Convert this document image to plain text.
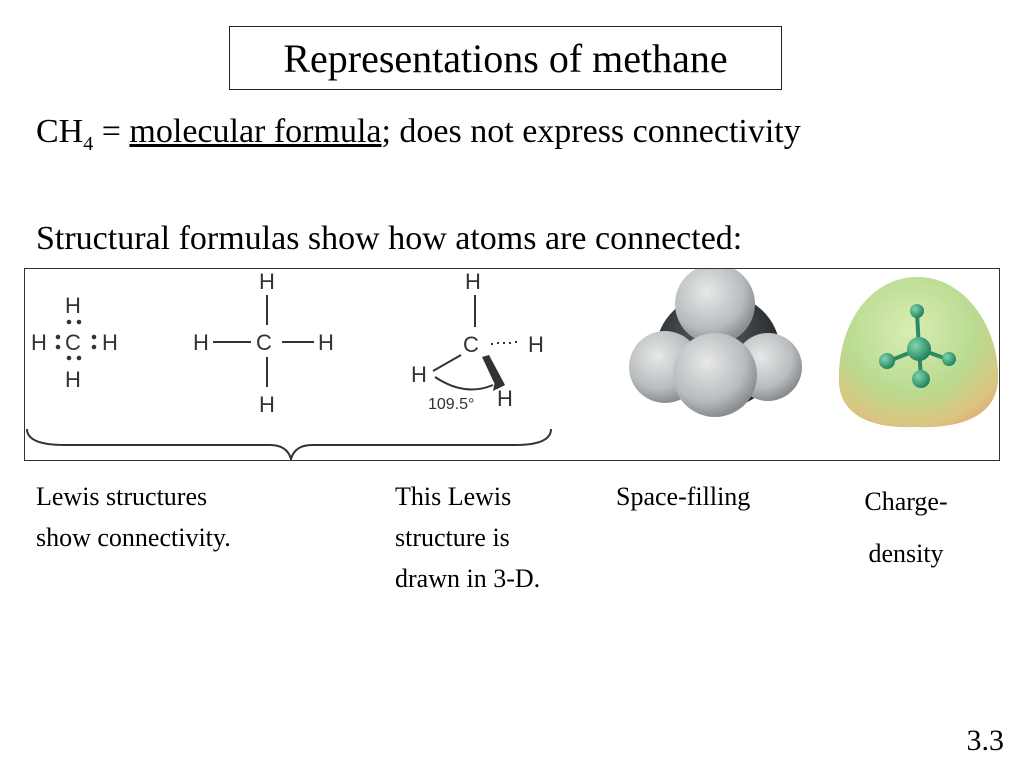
Representations of methane
$CH_4$ = molecular formula; does not express connectivity
Structural formulas show how atoms are connected:
H
H
H	H
C
H
H
H	H
C
H
C H
H
H
109.5°
Lewis structures
show connectivity.
This Lewis
structure is
drawn in 3-D.
Space-filling	Charge-
density
3.3
